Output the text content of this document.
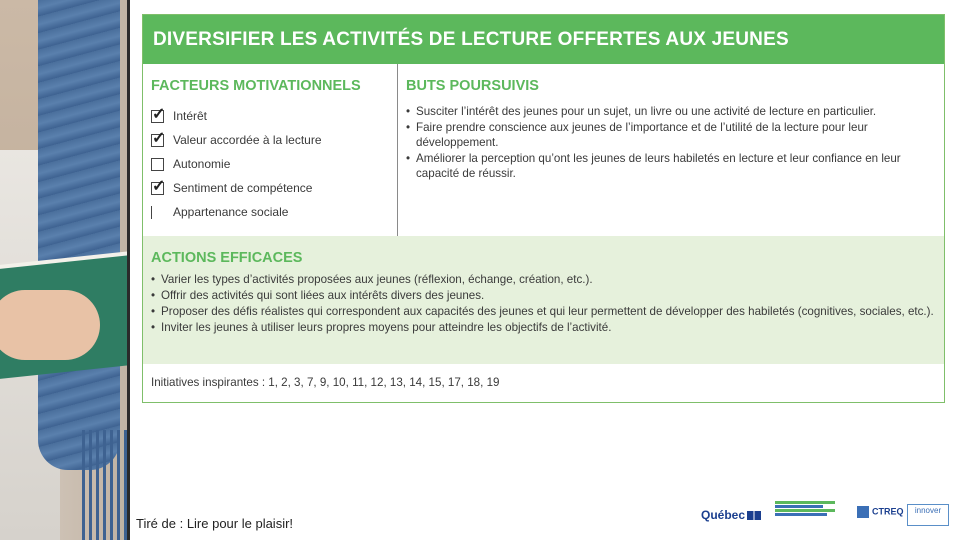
DIVERSIFIER LES ACTIVITÉS DE LECTURE OFFERTES AUX JEUNES
FACTEURS MOTIVATIONNELS
✓
Intérêt
✓
Valeur accordée à la lecture
Autonomie
✓
Sentiment de compétence
Appartenance sociale
BUTS POURSUIVIS
• Susciter l’intérêt des jeunes pour un sujet, un livre ou une activité de lecture en particulier.
• Faire prendre conscience aux jeunes de l’importance et de l’utilité de la lecture pour leur développement.
• Améliorer la perception qu’ont les jeunes de leurs habiletés en lecture et leur confiance en leur capacité de réussir.
ACTIONS EFFICACES
• Varier les types d’activités proposées aux jeunes (réflexion, échange, création, etc.).
• Offrir des activités qui sont liées aux intérêts divers des jeunes.
• Proposer des défis réalistes qui correspondent aux capacités des jeunes et qui leur permettent de développer des habiletés (cognitives, sociales, etc.).
• Inviter les jeunes à utiliser leurs propres moyens pour atteindre les objectifs de l’activité.
Initiatives inspirantes : 1, 2, 3, 7, 9, 10, 11, 12, 13, 14, 15, 17, 18, 19
Tiré de : Lire pour le plaisir!
Québec	CTREQ	innover
